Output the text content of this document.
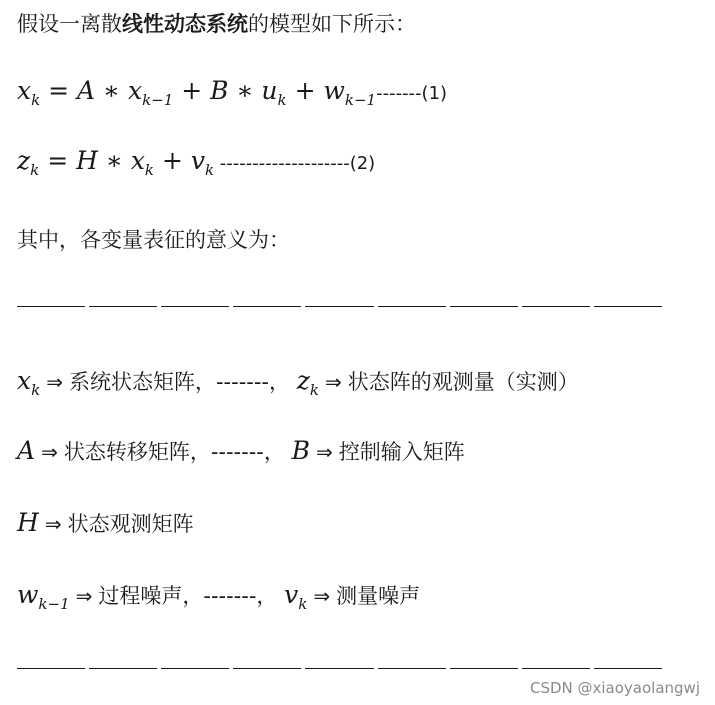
假设一离散线性动态系统的模型如下所示：
$x_k = A$ ∗ $x_{k-1} + B$ ∗ $u_k + w_{k-1}-------(1)$
$z_k = H$ ∗ $x_k + v_k$ --------------------(2)
其中，各变量表征的意义为：
$x_k$ ⇒ 系统状态矩阵，-------， $z_k$ ⇒ 状态阵的观测量（实测）
A ⇒ 状态转移矩阵，-------， B ⇒ 控制输入矩阵
H ⇒ 状态观测矩阵
$w_{k-1}$ ⇒ 过程噪声，-------， $v_k$ ⇒ 测量噪声
CSDN @xiaoyaolangwj
